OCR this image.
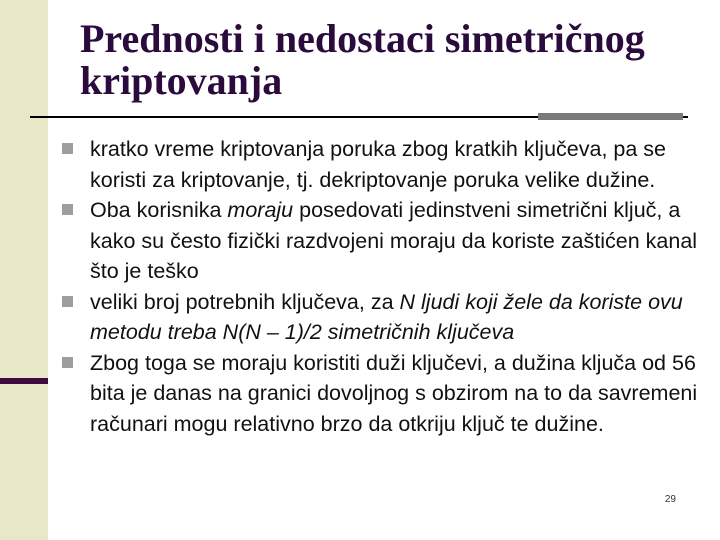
Prednosti i nedostaci simetričnog kriptovanja
kratko vreme kriptovanja poruka zbog kratkih ključeva, pa se koristi za kriptovanje, tj. dekriptovanje poruka velike dužine.
Oba korisnika moraju posedovati jedinstveni simetrični ključ, a kako su često fizički razdvojeni moraju da koriste zaštićen kanal što je teško
veliki broj potrebnih ključeva, za N ljudi koji žele da koriste ovu metodu treba N(N – 1)/2 simetričnih ključeva
Zbog toga se moraju koristiti duži ključevi, a dužina ključa od 56 bita je danas na granici dovoljnog s obzirom na to da savremeni računari mogu relativno brzo da otkriju ključ te dužine.
29
